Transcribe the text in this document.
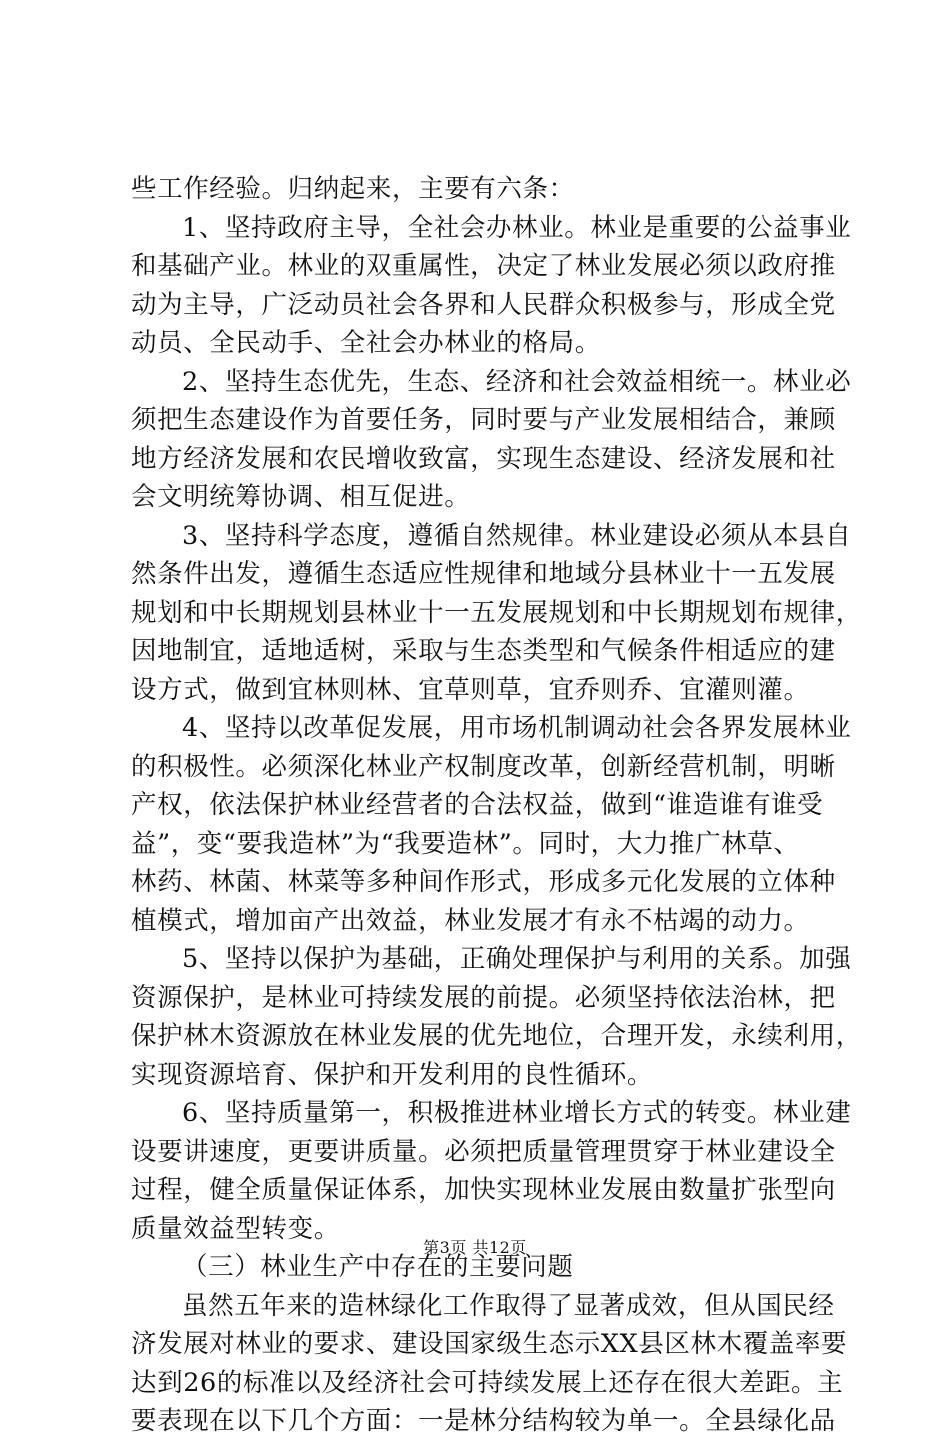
些工作经验。归纳起来，主要有六条：
1、坚持政府主导，全社会办林业。林业是重要的公益事业
和基础产业。林业的双重属性，决定了林业发展必须以政府推
动为主导，广泛动员社会各界和人民群众积极参与，形成全党
动员、全民动手、全社会办林业的格局。
2、坚持生态优先，生态、经济和社会效益相统一。林业必
须把生态建设作为首要任务，同时要与产业发展相结合，兼顾
地方经济发展和农民增收致富，实现生态建设、经济发展和社
会文明统筹协调、相互促进。
3、坚持科学态度，遵循自然规律。林业建设必须从本县自
然条件出发，遵循生态适应性规律和地域分县林业十一五发展
规划和中长期规划县林业十一五发展规划和中长期规划布规律，
因地制宜，适地适树，采取与生态类型和气候条件相适应的建
设方式，做到宜林则林、宜草则草，宜乔则乔、宜灌则灌。
4、坚持以改革促发展，用市场机制调动社会各界发展林业
的积极性。必须深化林业产权制度改革，创新经营机制，明晰
产权，依法保护林业经营者的合法权益，做到“谁造谁有谁受
益”，变“要我造林”为“我要造林”。同时，大力推广林草、
林药、林菌、林菜等多种间作形式，形成多元化发展的立体种
植模式，增加亩产出效益，林业发展才有永不枯竭的动力。
5、坚持以保护为基础，正确处理保护与利用的关系。加强
资源保护，是林业可持续发展的前提。必须坚持依法治林，把
保护林木资源放在林业发展的优先地位，合理开发，永续利用，
实现资源培育、保护和开发利用的良性循环。
6、坚持质量第一，积极推进林业增长方式的转变。林业建
设要讲速度，更要讲质量。必须把质量管理贯穿于林业建设全
过程，健全质量保证体系，加快实现林业发展由数量扩张型向
质量效益型转变。
（三）林业生产中存在的主要问题
虽然五年来的造林绿化工作取得了显著成效，但从国民经
济发展对林业的要求、建设国家级生态示XX县区林木覆盖率要
达到26的标准以及经济社会可持续发展上还存在很大差距。主
要表现在以下几个方面：一是林分结构较为单一。全县绿化品
第3页 共12页
